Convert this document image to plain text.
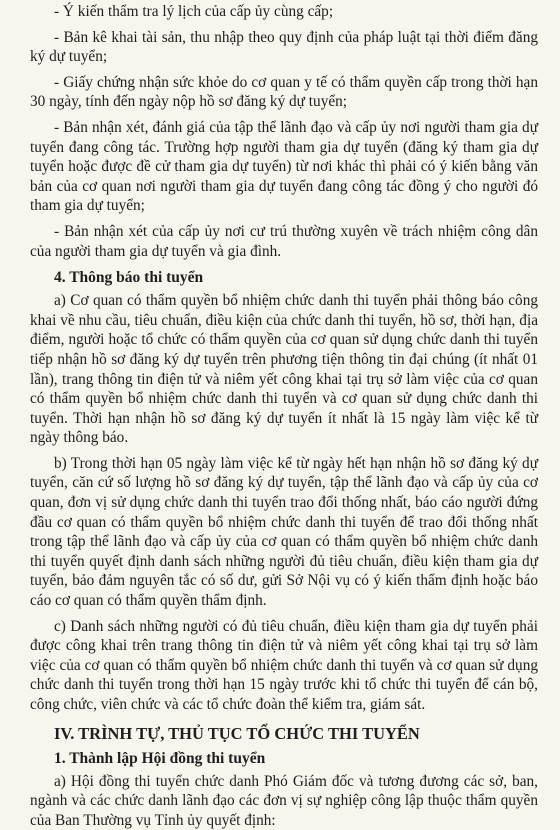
- Ý kiến thẩm tra lý lịch của cấp ủy cùng cấp;

- Bản kê khai tài sản, thu nhập theo quy định của pháp luật tại thời điểm đăng ký dự tuyển;

- Giấy chứng nhận sức khỏe do cơ quan y tế có thẩm quyền cấp trong thời hạn 30 ngày, tính đến ngày nộp hồ sơ đăng ký dự tuyển;

- Bản nhận xét, đánh giá của tập thể lãnh đạo và cấp ủy nơi người tham gia dự tuyển đang công tác. Trường hợp người tham gia dự tuyển (đăng ký tham gia dự tuyển hoặc được đề cử tham gia dự tuyển) từ nơi khác thì phải có ý kiến bằng văn bản của cơ quan nơi người tham gia dự tuyển đang công tác đồng ý cho người đó tham gia dự tuyển;

- Bản nhận xét của cấp ủy nơi cư trú thường xuyên về trách nhiệm công dân của người tham gia dự tuyển và gia đình.

4. Thông báo thi tuyển

a) Cơ quan có thẩm quyền bổ nhiệm chức danh thi tuyển phải thông báo công khai về nhu cầu, tiêu chuẩn, điều kiện của chức danh thi tuyển, hồ sơ, thời hạn, địa điểm, người hoặc tổ chức có thẩm quyền của cơ quan sử dụng chức danh thi tuyển tiếp nhận hồ sơ đăng ký dự tuyển trên phương tiện thông tin đại chúng (ít nhất 01 lần), trang thông tin điện tử và niêm yết công khai tại trụ sở làm việc của cơ quan có thẩm quyền bổ nhiệm chức danh thi tuyển và cơ quan sử dụng chức danh thi tuyển. Thời hạn nhận hồ sơ đăng ký dự tuyển ít nhất là 15 ngày làm việc kể từ ngày thông báo.

b) Trong thời hạn 05 ngày làm việc kể từ ngày hết hạn nhận hồ sơ đăng ký dự tuyển, căn cứ số lượng hồ sơ đăng ký dự tuyển, tập thể lãnh đạo và cấp ủy của cơ quan, đơn vị sử dụng chức danh thi tuyển trao đổi thống nhất, báo cáo người đứng đầu cơ quan có thẩm quyền bổ nhiệm chức danh thi tuyển để trao đổi thống nhất trong tập thể lãnh đạo và cấp ủy của cơ quan có thẩm quyền bổ nhiệm chức danh thi tuyển quyết định danh sách những người đủ tiêu chuẩn, điều kiện tham gia dự tuyển, bảo đảm nguyên tắc có số dư, gửi Sở Nội vụ có ý kiến thẩm định hoặc báo cáo cơ quan có thẩm quyền thẩm định.

c) Danh sách những người có đủ tiêu chuẩn, điều kiện tham gia dự tuyển phải được công khai trên trang thông tin điện tử và niêm yết công khai tại trụ sở làm việc của cơ quan có thẩm quyền bổ nhiệm chức danh thi tuyển và cơ quan sử dụng chức danh thi tuyển trong thời hạn 15 ngày trước khi tổ chức thi tuyển để cán bộ, công chức, viên chức và các tổ chức đoàn thể kiểm tra, giám sát.

IV. TRÌNH TỰ, THỦ TỤC TỔ CHỨC THI TUYỂN
1. Thành lập Hội đồng thi tuyển

a) Hội đồng thi tuyển chức danh Phó Giám đốc và tương đương các sở, ban, ngành và các chức danh lãnh đạo các đơn vị sự nghiệp công lập thuộc thẩm quyền của Ban Thường vụ Tỉnh ủy quyết định:
